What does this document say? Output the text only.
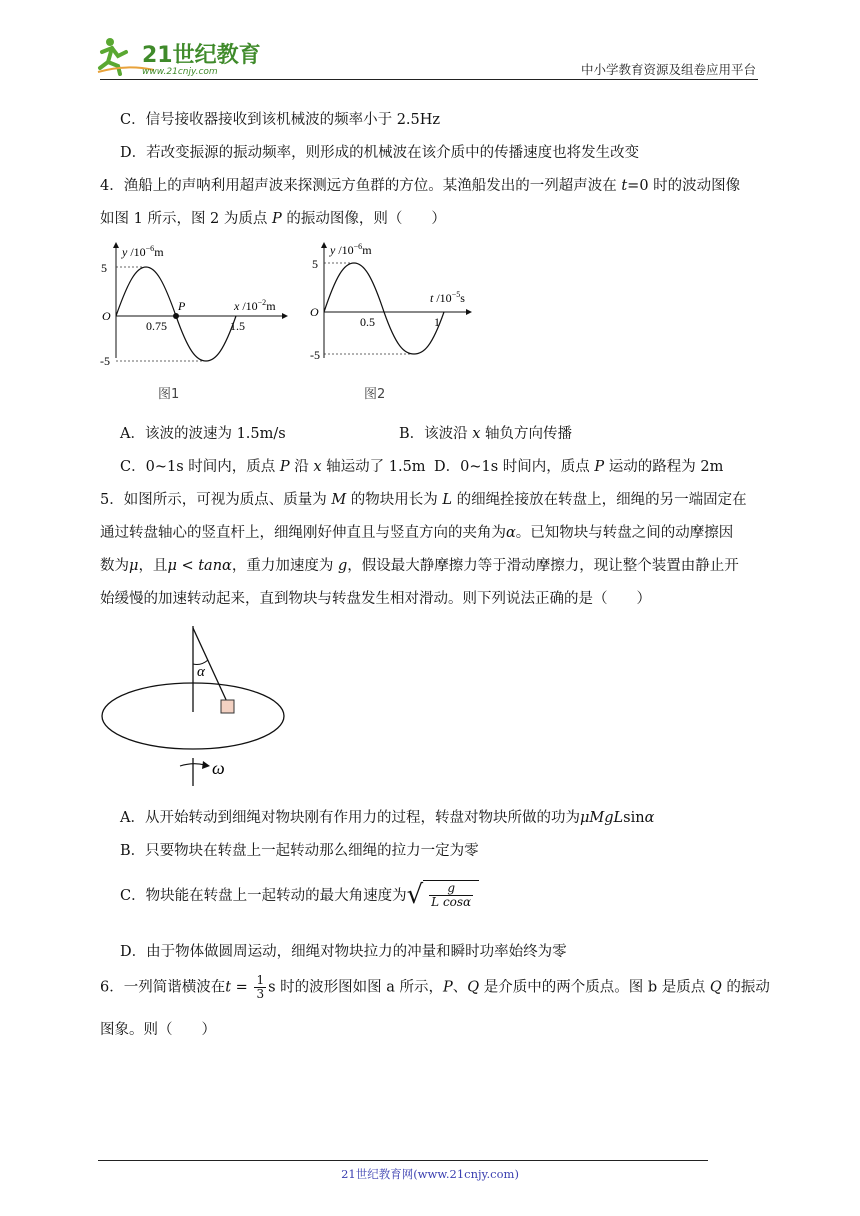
21世纪教育
www.21cnjy.com	中小学教育资源及组卷应用平台
C．信号接收器接收到该机械波的频率小于 2.5Hz
D．若改变振源的振动频率，则形成的机械波在该介质中的传播速度也将发生改变
4．渔船上的声呐利用超声波来探测远方鱼群的方位。某渔船发出的一列超声波在 t=0 时的波动图像
如图 1 所示，图 2 为质点 P 的振动图像，则（　　）
y $/10^{-6}m$
x $/10^{-2}m$
5
-5
O
P
0.75	1.5
图1
y $/10^{-6}m$
t $/10^{-5}s$
5
-5
O
0.5	1
图2
A．该波的波速为 1.5m/s	B．该波沿 x 轴负方向传播
C．0~1s 时间内，质点 P 沿 x 轴运动了 1.5m D．0~1s 时间内，质点 P 运动的路程为 2m
5．如图所示，可视为质点、质量为 M 的物块用长为 L 的细绳拴接放在转盘上，细绳的另一端固定在
通过转盘轴心的竖直杆上，细绳刚好伸直且与竖直方向的夹角为α。已知物块与转盘之间的动摩擦因
数为μ，且μ < tanα，重力加速度为 g，假设最大静摩擦力等于滑动摩擦力，现让整个装置由静止开
始缓慢的加速转动起来，直到物块与转盘发生相对滑动。则下列说法正确的是（　　）
α
ω
A．从开始转动到细绳对物块刚有作用力的过程，转盘对物块所做的功为μMgLsinα
B．只要物块在转盘上一起转动那么细绳的拉力一定为零
C．物块能在转盘上一起转动的最大角速度为 √ $\frac{g}{\text{L cosα}}$
D．由于物体做圆周运动，细绳对物块拉力的冲量和瞬时功率始终为零
6．一列简谐横波在$t = \frac{1}{3}$ s 时的波形图如图 a 所示，P、Q 是介质中的两个质点。图 b 是质点 Q 的振动
图象。则（　　）
21世纪教育网(www.21cnjy.com)
